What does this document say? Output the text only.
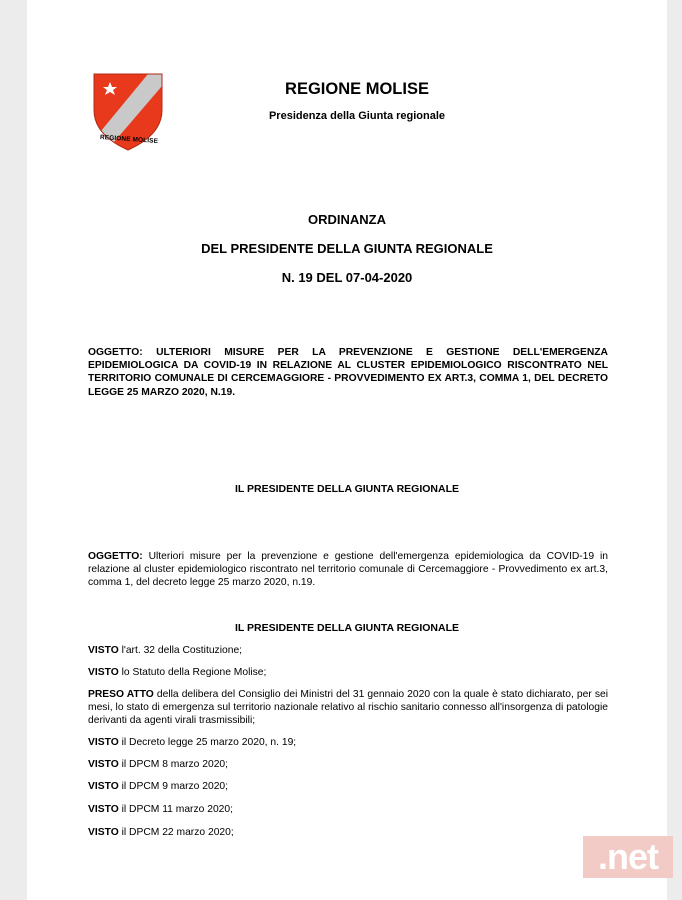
REGIONE MOLISE
REGIONE MOLISE
Presidenza della Giunta regionale
ORDINANZA
DEL PRESIDENTE DELLA GIUNTA REGIONALE
N. 19 DEL 07-04-2020
OGGETTO: ULTERIORI MISURE PER LA PREVENZIONE E GESTIONE DELL'EMERGENZA EPIDEMIOLOGICA DA COVID-19 IN RELAZIONE AL CLUSTER EPIDEMIOLOGICO RISCONTRATO NEL TERRITORIO COMUNALE DI CERCEMAGGIORE - PROVVEDIMENTO EX ART.3, COMMA 1, DEL DECRETO LEGGE 25 MARZO 2020, N.19.
IL PRESIDENTE DELLA GIUNTA REGIONALE
OGGETTO: Ulteriori misure per la prevenzione e gestione dell'emergenza epidemiologica da COVID-19 in relazione al cluster epidemiologico riscontrato nel territorio comunale di Cercemaggiore - Provvedimento ex art.3, comma 1, del decreto legge 25 marzo 2020, n.19.
IL PRESIDENTE DELLA GIUNTA REGIONALE
VISTO l'art. 32 della Costituzione;
VISTO lo Statuto della Regione Molise;
PRESO ATTO della delibera del Consiglio dei Ministri del 31 gennaio 2020 con la quale è stato dichiarato, per sei mesi, lo stato di emergenza sul territorio nazionale relativo al rischio sanitario connesso all'insorgenza di patologie derivanti da agenti virali trasmissibili;
VISTO il Decreto legge 25 marzo 2020, n. 19;
VISTO il DPCM 8 marzo 2020;
VISTO il DPCM 9 marzo 2020;
VISTO il DPCM 11 marzo 2020;
VISTO il DPCM 22 marzo 2020;
.net
